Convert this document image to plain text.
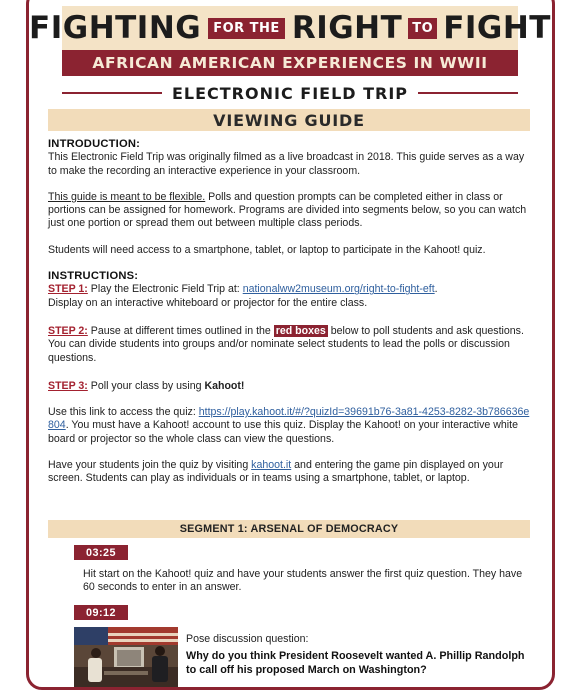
FIGHTING FOR THE RIGHT TO FIGHT
AFRICAN AMERICAN EXPERIENCES IN WWII
ELECTRONIC FIELD TRIP
VIEWING GUIDE
INTRODUCTION:

This Electronic Field Trip was originally filmed as a live broadcast in 2018. This guide serves as a way to make the recording an interactive experience in your classroom.

This guide is meant to be flexible. Polls and question prompts can be completed either in class or portions can be assigned for homework. Programs are divided into segments below, so you can watch just one portion or spread them out between multiple class periods.

Students will need access to a smartphone, tablet, or laptop to participate in the Kahoot! quiz.

INSTRUCTIONS:

STEP 1: Play the Electronic Field Trip at: nationalww2museum.org/right-to-fight-eft.

Display on an interactive whiteboard or projector for the entire class.

STEP 2: Pause at different times outlined in the red boxes below to poll students and ask questions. You can divide students into groups and/or nominate select students to lead the polls or discussion questions.

STEP 3: Poll your class by using Kahoot!

Use this link to access the quiz: https://play.kahoot.it/#/?quizId=39691b76-3a81-4253-8282-3b786636e804. You must have a Kahoot! account to use this quiz. Display the Kahoot! on your interactive white board or projector so the whole class can view the questions.

Have your students join the quiz by visiting kahoot.it and entering the game pin displayed on your screen. Students can play as individuals or in teams using a smartphone, tablet, or laptop.

SEGMENT 1: ARSENAL OF DEMOCRACY
03:25
Hit start on the Kahoot! quiz and have your students answer the first quiz question. They have 60 seconds to enter in an answer.
09:12
Pose discussion question:
Why do you think President Roosevelt wanted A. Phillip Randolph to call off his proposed March on Washington?
